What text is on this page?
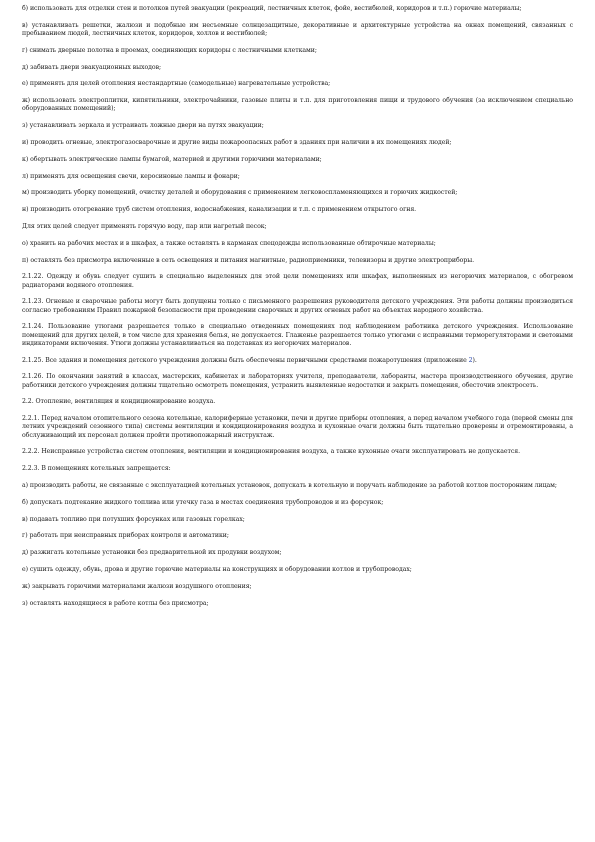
б) использовать для отделки стен и потолков путей эвакуации (рекреаций, лестничных клеток, фойе, вестибюлей, коридоров и т.п.) горючие материалы;

в) устанавливать решетки, жалюзи и подобные им несъемные солнцезащитные, декоративные и архитектурные устройства на окнах помещений, связанных с пребыванием людей, лестничных клеток, коридоров, холлов и вестибюлей;

г) снимать дверные полотна в проемах, соединяющих коридоры с лестничными клетками;

д) забивать двери эвакуационных выходов;

е) применять для целей отопления нестандартные (самодельные) нагревательные устройства;

ж) использовать электроплитки, кипятильники, электрочайники, газовые плиты и т.п. для приготовления пищи и трудового обучения (за исключением специально оборудованных помещений);

з) устанавливать зеркала и устраивать ложные двери на путях эвакуации;

и) проводить огневые, электрогазосварочные и другие виды пожароопасных работ в зданиях при наличии в их помещениях людей;

к) обертывать электрические лампы бумагой, материей и другими горючими материалами;

л) применять для освещения свечи, керосиновые лампы и фонари;

м) производить уборку помещений, очистку деталей и оборудования с применением легковоспламеняющихся и горючих жидкостей;

н) производить отогревание труб систем отопления, водоснабжения, канализации и т.п. с применением открытого огня.

Для этих целей следует применять горячую воду, пар или нагретый песок;

о) хранить на рабочих местах и в шкафах, а также оставлять в карманах спецодежды использованные обтирочные материалы;

п) оставлять без присмотра включенные в сеть освещения и питания магнитные, радиоприемники, телевизоры и другие электроприборы.

2.1.22. Одежду и обувь следует сушить в специально выделенных для этой цели помещениях или шкафах, выполненных из негорючих материалов, с обогревом радиаторами водяного отопления.

2.1.23. Огневые и сварочные работы могут быть допущены только с письменного разрешения руководителя детского учреждения. Эти работы должны производиться согласно требованиям Правил пожарной безопасности при проведении сварочных и других огневых работ на объектах народного хозяйства.

2.1.24. Пользование утюгами разрешается только в специально отведенных помещениях под наблюдением работника детского учреждения. Использование помещений для других целей, в том числе для хранения белья, не допускается. Глаженье разрешается только утюгами с исправными терморегуляторами и световыми индикаторами включения. Утюги должны устанавливаться на подставках из негорючих материалов.

2.1.25. Все здания и помещения детского учреждения должны быть обеспечены первичными средствами пожаротушения (приложение 2).

2.1.26. По окончании занятий в классах, мастерских, кабинетах и лабораториях учителя, преподаватели, лаборанты, мастера производственного обучения, другие работники детского учреждения должны тщательно осмотреть помещения, устранить выявленные недостатки и закрыть помещения, обесточив электросеть.

2.2. Отопление, вентиляция и кондиционирование воздуха.

2.2.1. Перед началом отопительного сезона котельные, калориферные установки, печи и другие приборы отопления, а перед началом учебного года (первой смены для летних учреждений сезонного типа) системы вентиляции и кондиционирования воздуха и кухонные очаги должны быть тщательно проверены и отремонтированы, а обслуживающий их персонал должен пройти противопожарный инструктаж.

2.2.2. Неисправные устройства систем отопления, вентиляции и кондиционирования воздуха, а также кухонные очаги эксплуатировать не допускается.

2.2.3. В помещениях котельных запрещается:

а) производить работы, не связанные с эксплуатацией котельных установок, допускать в котельную и поручать наблюдение за работой котлов посторонним лицам;

б) допускать подтекание жидкого топлива или утечку газа в местах соединения трубопроводов и из форсунок;

в) подавать топливо при потухших форсунках или газовых горелках;

г) работать при неисправных приборах контроля и автоматики;

д) разжигать котельные установки без предварительной их продувки воздухом;

е) сушить одежду, обувь, дрова и другие горючие материалы на конструкциях и оборудовании котлов и трубопроводах;

ж) закрывать горючими материалами жалюзи воздушного отопления;

з) оставлять находящиеся в работе котлы без присмотра;
